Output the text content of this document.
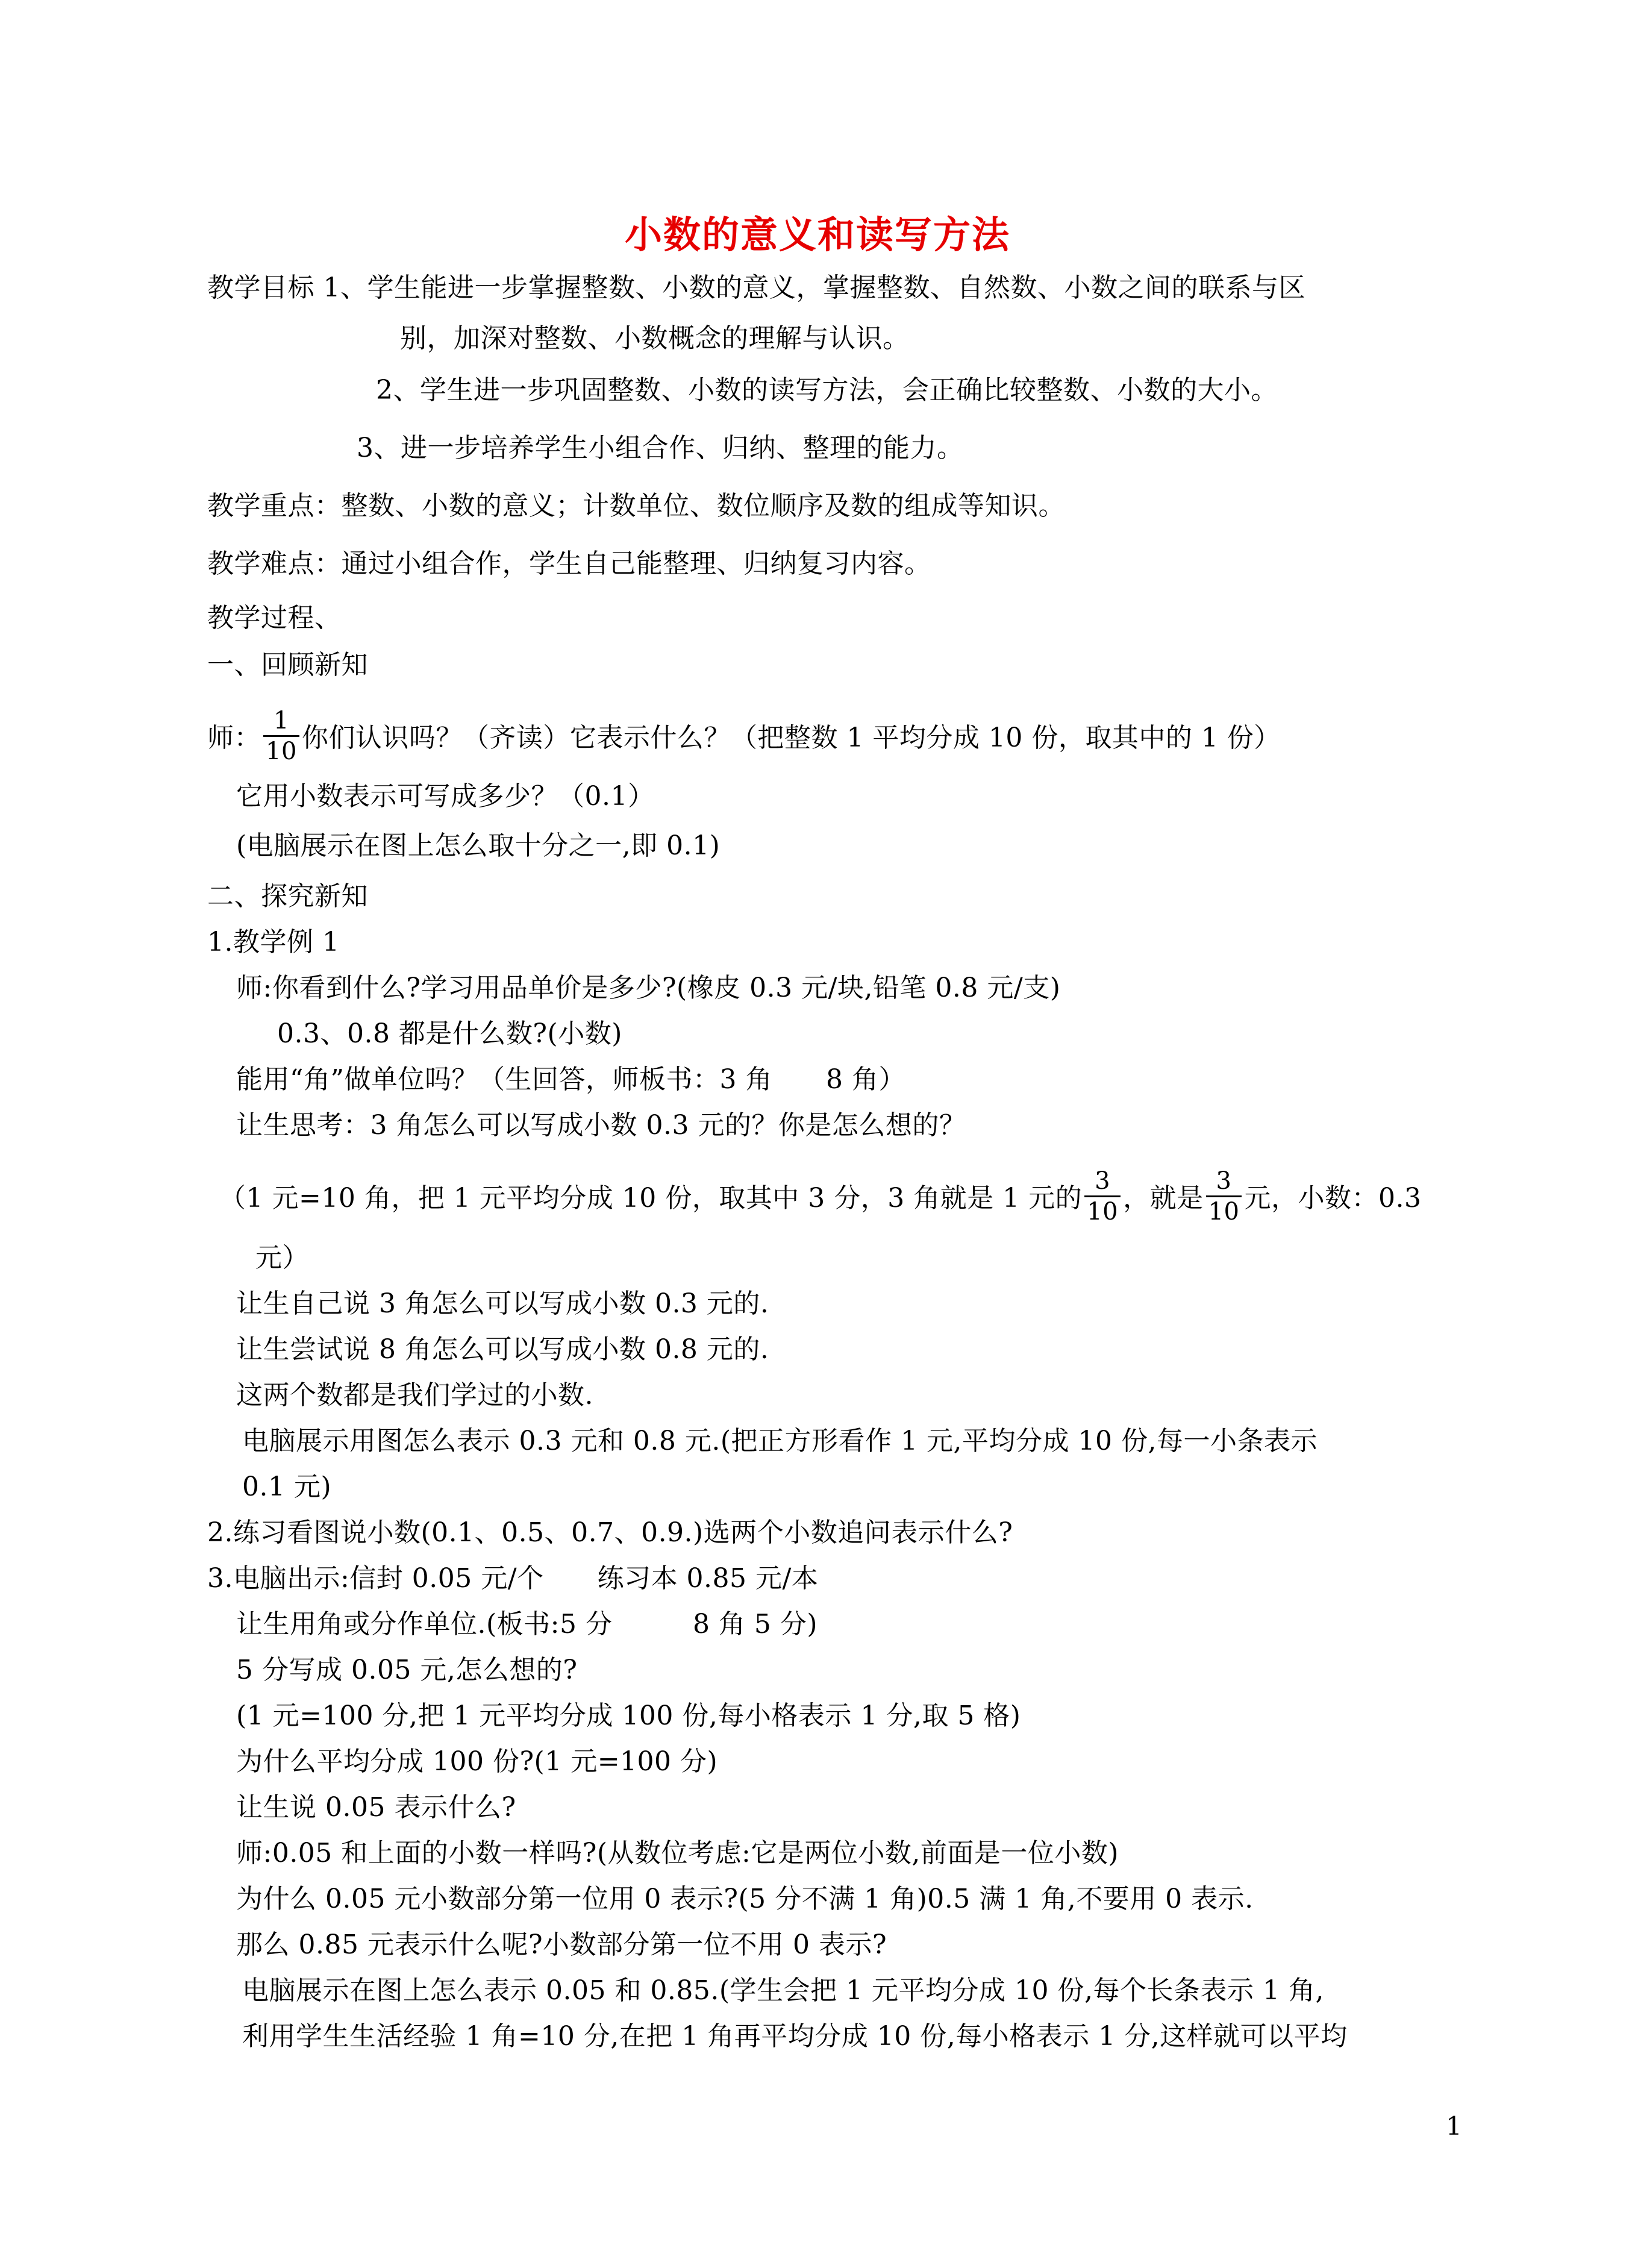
小数的意义和读写方法
教学目标 1、学生能进一步掌握整数、小数的意义，掌握整数、自然数、小数之间的联系与区
别，加深对整数、小数概念的理解与认识。
2、学生进一步巩固整数、小数的读写方法，会正确比较整数、小数的大小。
3、进一步培养学生小组合作、归纳、整理的能力。
教学重点：整数、小数的意义；计数单位、数位顺序及数的组成等知识。
教学难点：通过小组合作，学生自己能整理、归纳复习内容。
教学过程、
一、回顾新知
师： $\frac{1}{10}$ 你们认识吗？（齐读）它表示什么？（把整数 1 平均分成 10 份，取其中的 1 份）
它用小数表示可写成多少？（0.1）
(电脑展示在图上怎么取十分之一,即 0.1)
二、探究新知
1.教学例 1
师:你看到什么?学习用品单价是多少?(橡皮 0.3 元/块,铅笔 0.8 元/支)
0.3、0.8 都是什么数?(小数)
能用“角”做单位吗？（生回答，师板书：3 角　　8 角）
让生思考：3 角怎么可以写成小数 0.3 元的？你是怎么想的？
（1 元=10 角，把 1 元平均分成 10 份，取其中 3 分，3 角就是 1 元的 $\frac{3}{10}$ ，就是 $\frac{3}{10}$ 元，小数：0.3
元）
让生自己说 3 角怎么可以写成小数 0.3 元的.
让生尝试说 8 角怎么可以写成小数 0.8 元的.
这两个数都是我们学过的小数.
电脑展示用图怎么表示 0.3 元和 0.8 元.(把正方形看作 1 元,平均分成 10 份,每一小条表示
0.1 元)
2.练习看图说小数(0.1、0.5、0.7、0.9.)选两个小数追问表示什么?
3.电脑出示:信封 0.05 元/个　　练习本 0.85 元/本
让生用角或分作单位.(板书:5 分　　　8 角 5 分)
5 分写成 0.05 元,怎么想的?
(1 元=100 分,把 1 元平均分成 100 份,每小格表示 1 分,取 5 格)
为什么平均分成 100 份?(1 元=100 分)
让生说 0.05 表示什么?
师:0.05 和上面的小数一样吗?(从数位考虑:它是两位小数,前面是一位小数)
为什么 0.05 元小数部分第一位用 0 表示?(5 分不满 1 角)0.5 满 1 角,不要用 0 表示.
那么 0.85 元表示什么呢?小数部分第一位不用 0 表示?
电脑展示在图上怎么表示 0.05 和 0.85.(学生会把 1 元平均分成 10 份,每个长条表示 1 角,
利用学生生活经验 1 角=10 分,在把 1 角再平均分成 10 份,每小格表示 1 分,这样就可以平均
1
